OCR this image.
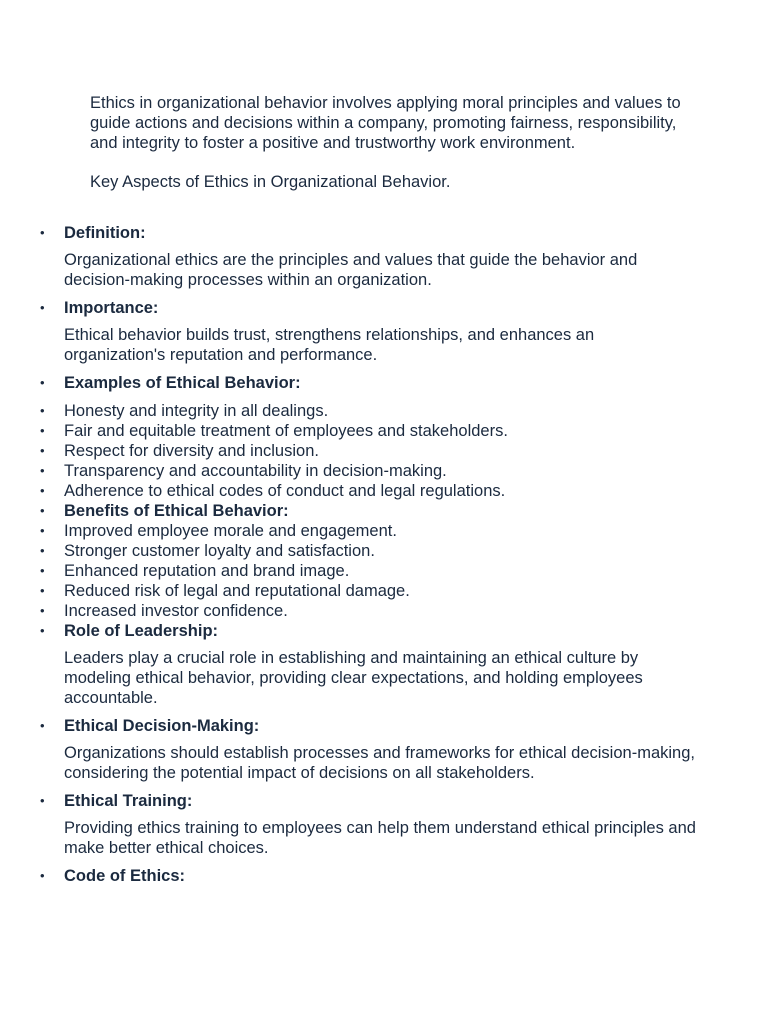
Ethics in organizational behavior involves applying moral principles and values to guide actions and decisions within a company, promoting fairness, responsibility, and integrity to foster a positive and trustworthy work environment.

Key Aspects of Ethics in Organizational Behavior.

•	Definition:

Organizational ethics are the principles and values that guide the behavior and decision-making processes within an organization.

•	Importance:

Ethical behavior builds trust, strengthens relationships, and enhances an organization's reputation and performance.

•	Examples of Ethical Behavior:
•	Honesty and integrity in all dealings.
•	Fair and equitable treatment of employees and stakeholders.
•	Respect for diversity and inclusion.
•	Transparency and accountability in decision-making.
•	Adherence to ethical codes of conduct and legal regulations.
•	Benefits of Ethical Behavior:
•	Improved employee morale and engagement.
•	Stronger customer loyalty and satisfaction.
•	Enhanced reputation and brand image.
•	Reduced risk of legal and reputational damage.
•	Increased investor confidence.
•	Role of Leadership:

Leaders play a crucial role in establishing and maintaining an ethical culture by modeling ethical behavior, providing clear expectations, and holding employees accountable.

•	Ethical Decision-Making:

Organizations should establish processes and frameworks for ethical decision-making, considering the potential impact of decisions on all stakeholders.

•	Ethical Training:

Providing ethics training to employees can help them understand ethical principles and make better ethical choices.

•	Code of Ethics:
